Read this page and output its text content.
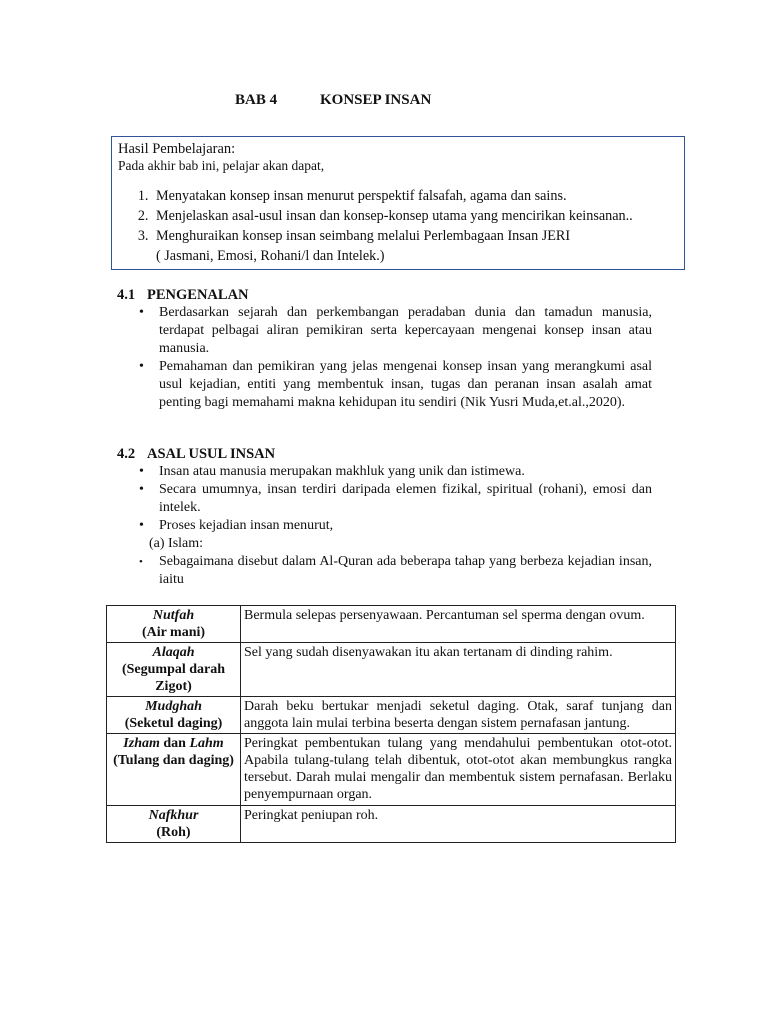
BAB 4	KONSEP INSAN
Hasil Pembelajaran:
Pada akhir bab ini, pelajar akan dapat,
1. Menyatakan konsep insan menurut perspektif falsafah, agama dan sains.
2. Menjelaskan asal-usul insan dan konsep-konsep utama yang mencirikan keinsanan..
3. Menghuraikan konsep insan seimbang melalui Perlembagaan Insan JERI
( Jasmani, Emosi, Rohani/l dan Intelek.)
4.1 PENGENALAN
• Berdasarkan sejarah dan perkembangan peradaban dunia dan tamadun manusia, terdapat pelbagai aliran pemikiran serta kepercayaan mengenai konsep insan atau manusia.
• Pemahaman dan pemikiran yang jelas mengenai konsep insan yang merangkumi asal usul kejadian, entiti yang membentuk insan, tugas dan peranan insan asalah amat penting bagi memahami makna kehidupan itu sendiri (Nik Yusri Muda,et.al.,2020).
4.2 ASAL USUL INSAN
• Insan atau manusia merupakan makhluk yang unik dan istimewa.
• Secara umumnya, insan terdiri daripada elemen fizikal, spiritual (rohani), emosi dan intelek.
• Proses kejadian insan menurut,
(a) Islam:
• Sebagaimana disebut dalam Al-Quran ada beberapa tahap yang berbeza kejadian insan, iaitu
Nutfah
(Air mani)	Bermula selepas persenyawaan. Percantuman sel sperma dengan ovum.
Alaqah
(Segumpal darah Zigot)	Sel yang sudah disenyawakan itu akan tertanam di dinding rahim.
Mudghah
(Seketul daging)	Darah beku bertukar menjadi seketul daging. Otak, saraf tunjang dan anggota lain mulai terbina beserta dengan sistem pernafasan jantung.
Izham dan Lahm
(Tulang dan daging)	Peringkat pembentukan tulang yang mendahului pembentukan otot-otot. Apabila tulang-tulang telah dibentuk, otot-otot akan membungkus rangka tersebut. Darah mulai mengalir dan membentuk sistem pernafasan. Berlaku penyempurnaan organ.
Nafkhur
(Roh)	Peringkat peniupan roh.
